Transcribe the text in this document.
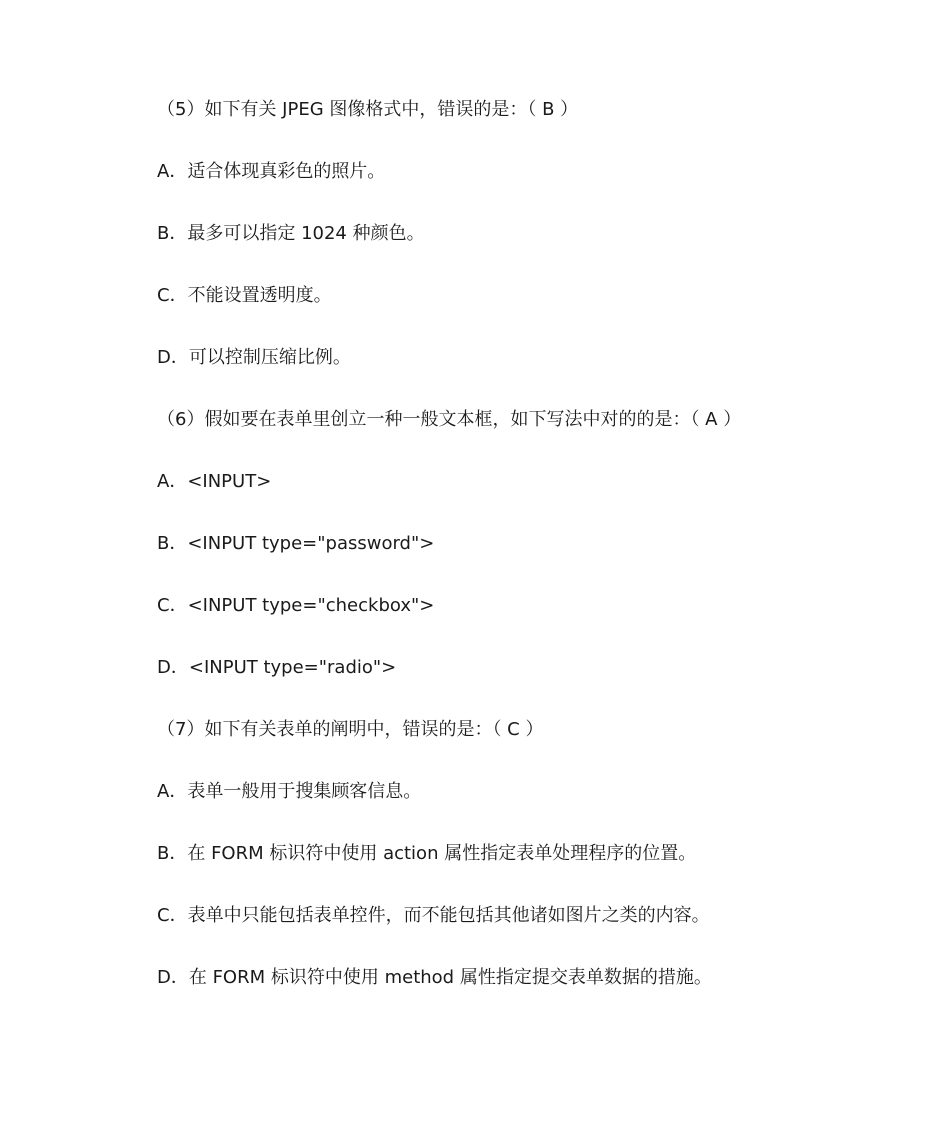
（5）如下有关 JPEG 图像格式中，错误的是：（ B ）
A．适合体现真彩色的照片。
B．最多可以指定 1024 种颜色。
C．不能设置透明度。
D．可以控制压缩比例。
（6）假如要在表单里创立一种一般文本框，如下写法中对的的是：（ A ）
A．<INPUT>
B．<INPUT type="password">
C．<INPUT type="checkbox">
D．<INPUT type="radio">
（7）如下有关表单的阐明中，错误的是：（ C ）
A．表单一般用于搜集顾客信息。
B．在 FORM 标识符中使用 action 属性指定表单处理程序的位置。
C．表单中只能包括表单控件，而不能包括其他诸如图片之类的内容。
D．在 FORM 标识符中使用 method 属性指定提交表单数据的措施。
